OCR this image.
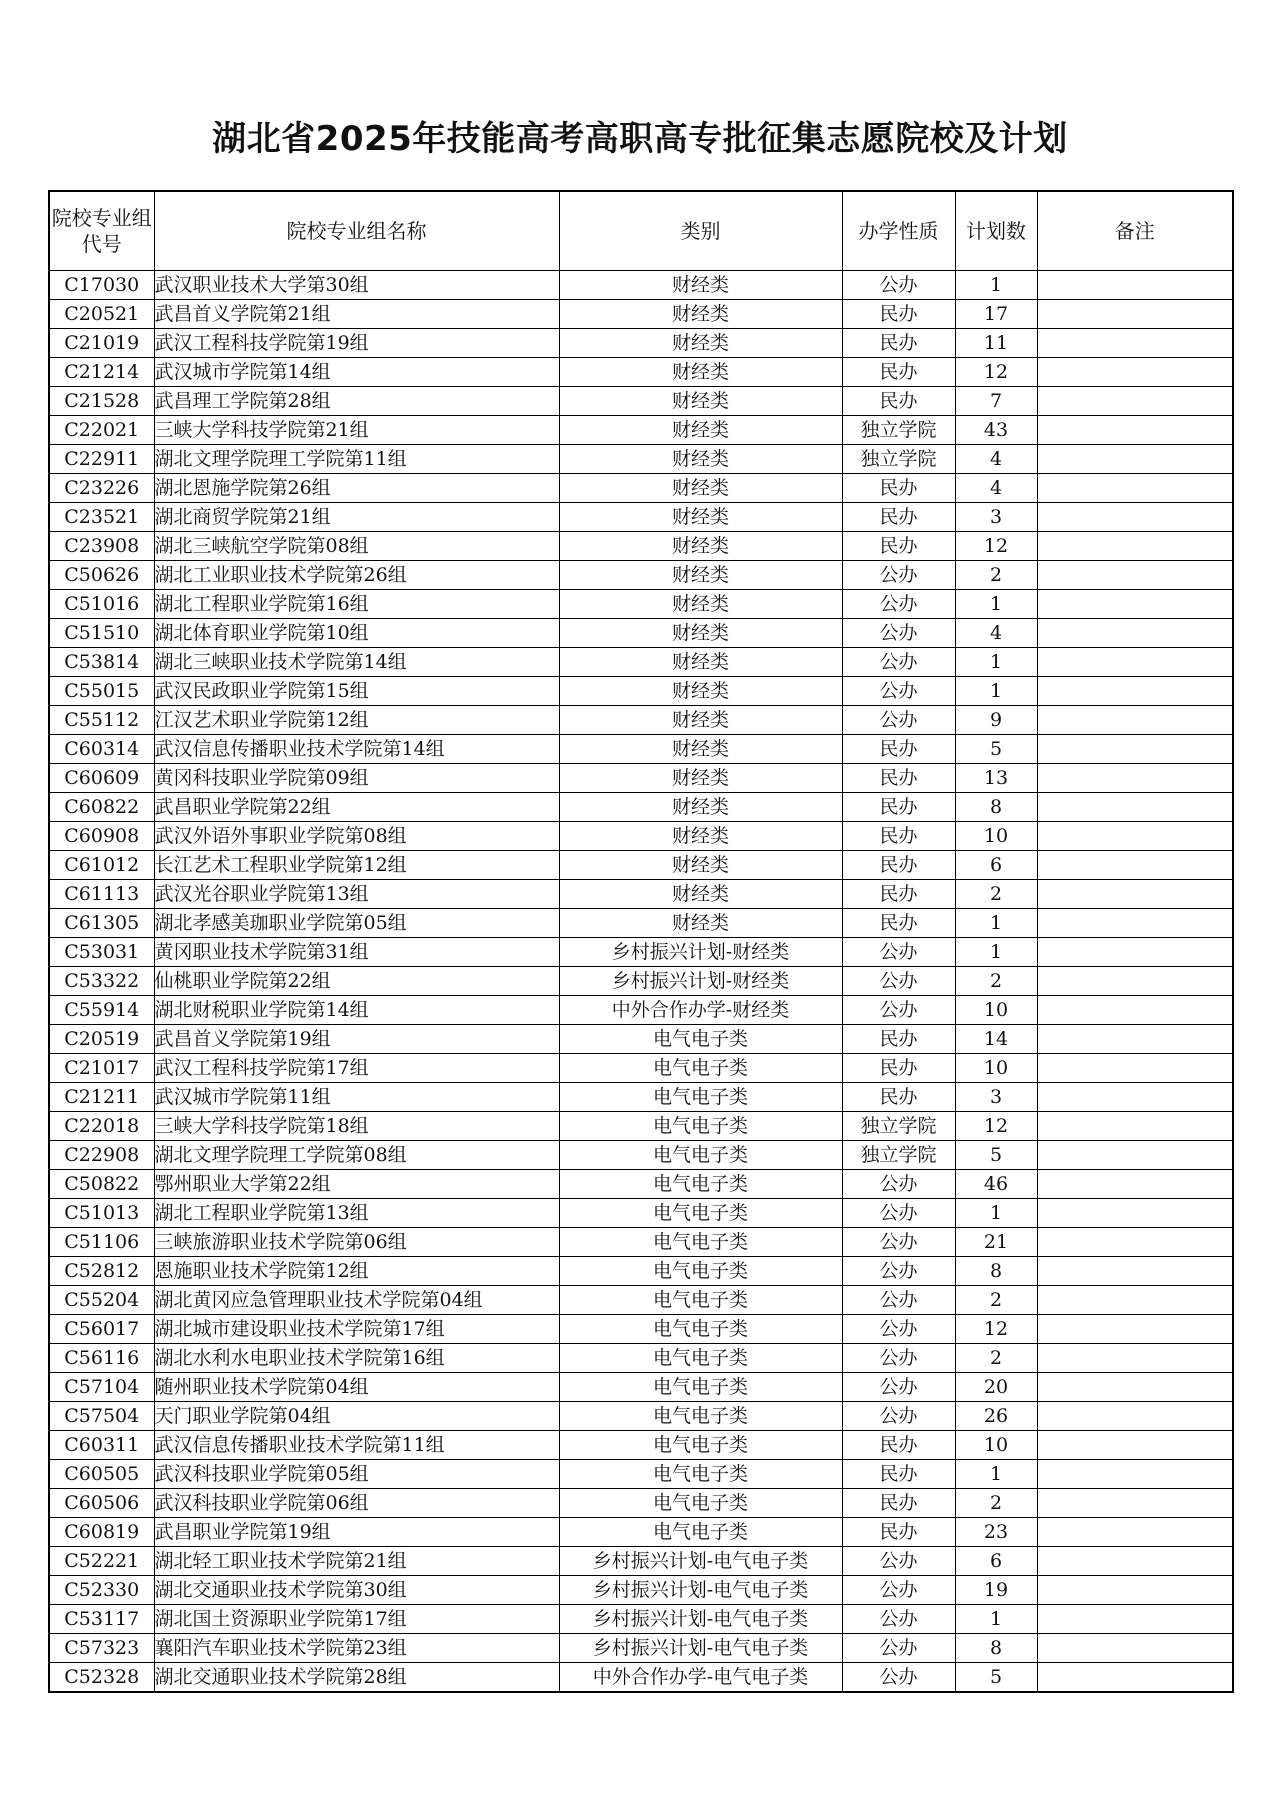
湖北省2025年技能高考高职高专批征集志愿院校及计划
院校专业组代号	院校专业组名称	类别	办学性质	计划数	备注
C17030	武汉职业技术大学第30组	财经类	公办	1	
C20521	武昌首义学院第21组	财经类	民办	17	
C21019	武汉工程科技学院第19组	财经类	民办	11	
C21214	武汉城市学院第14组	财经类	民办	12	
C21528	武昌理工学院第28组	财经类	民办	7	
C22021	三峡大学科技学院第21组	财经类	独立学院	43	
C22911	湖北文理学院理工学院第11组	财经类	独立学院	4	
C23226	湖北恩施学院第26组	财经类	民办	4	
C23521	湖北商贸学院第21组	财经类	民办	3	
C23908	湖北三峡航空学院第08组	财经类	民办	12	
C50626	湖北工业职业技术学院第26组	财经类	公办	2	
C51016	湖北工程职业学院第16组	财经类	公办	1	
C51510	湖北体育职业学院第10组	财经类	公办	4	
C53814	湖北三峡职业技术学院第14组	财经类	公办	1	
C55015	武汉民政职业学院第15组	财经类	公办	1	
C55112	江汉艺术职业学院第12组	财经类	公办	9	
C60314	武汉信息传播职业技术学院第14组	财经类	民办	5	
C60609	黄冈科技职业学院第09组	财经类	民办	13	
C60822	武昌职业学院第22组	财经类	民办	8	
C60908	武汉外语外事职业学院第08组	财经类	民办	10	
C61012	长江艺术工程职业学院第12组	财经类	民办	6	
C61113	武汉光谷职业学院第13组	财经类	民办	2	
C61305	湖北孝感美珈职业学院第05组	财经类	民办	1	
C53031	黄冈职业技术学院第31组	乡村振兴计划-财经类	公办	1	
C53322	仙桃职业学院第22组	乡村振兴计划-财经类	公办	2	
C55914	湖北财税职业学院第14组	中外合作办学-财经类	公办	10	
C20519	武昌首义学院第19组	电气电子类	民办	14	
C21017	武汉工程科技学院第17组	电气电子类	民办	10	
C21211	武汉城市学院第11组	电气电子类	民办	3	
C22018	三峡大学科技学院第18组	电气电子类	独立学院	12	
C22908	湖北文理学院理工学院第08组	电气电子类	独立学院	5	
C50822	鄂州职业大学第22组	电气电子类	公办	46	
C51013	湖北工程职业学院第13组	电气电子类	公办	1	
C51106	三峡旅游职业技术学院第06组	电气电子类	公办	21	
C52812	恩施职业技术学院第12组	电气电子类	公办	8	
C55204	湖北黄冈应急管理职业技术学院第04组	电气电子类	公办	2	
C56017	湖北城市建设职业技术学院第17组	电气电子类	公办	12	
C56116	湖北水利水电职业技术学院第16组	电气电子类	公办	2	
C57104	随州职业技术学院第04组	电气电子类	公办	20	
C57504	天门职业学院第04组	电气电子类	公办	26	
C60311	武汉信息传播职业技术学院第11组	电气电子类	民办	10	
C60505	武汉科技职业学院第05组	电气电子类	民办	1	
C60506	武汉科技职业学院第06组	电气电子类	民办	2	
C60819	武昌职业学院第19组	电气电子类	民办	23	
C52221	湖北轻工职业技术学院第21组	乡村振兴计划-电气电子类	公办	6	
C52330	湖北交通职业技术学院第30组	乡村振兴计划-电气电子类	公办	19	
C53117	湖北国土资源职业学院第17组	乡村振兴计划-电气电子类	公办	1	
C57323	襄阳汽车职业技术学院第23组	乡村振兴计划-电气电子类	公办	8	
C52328	湖北交通职业技术学院第28组	中外合作办学-电气电子类	公办	5	
